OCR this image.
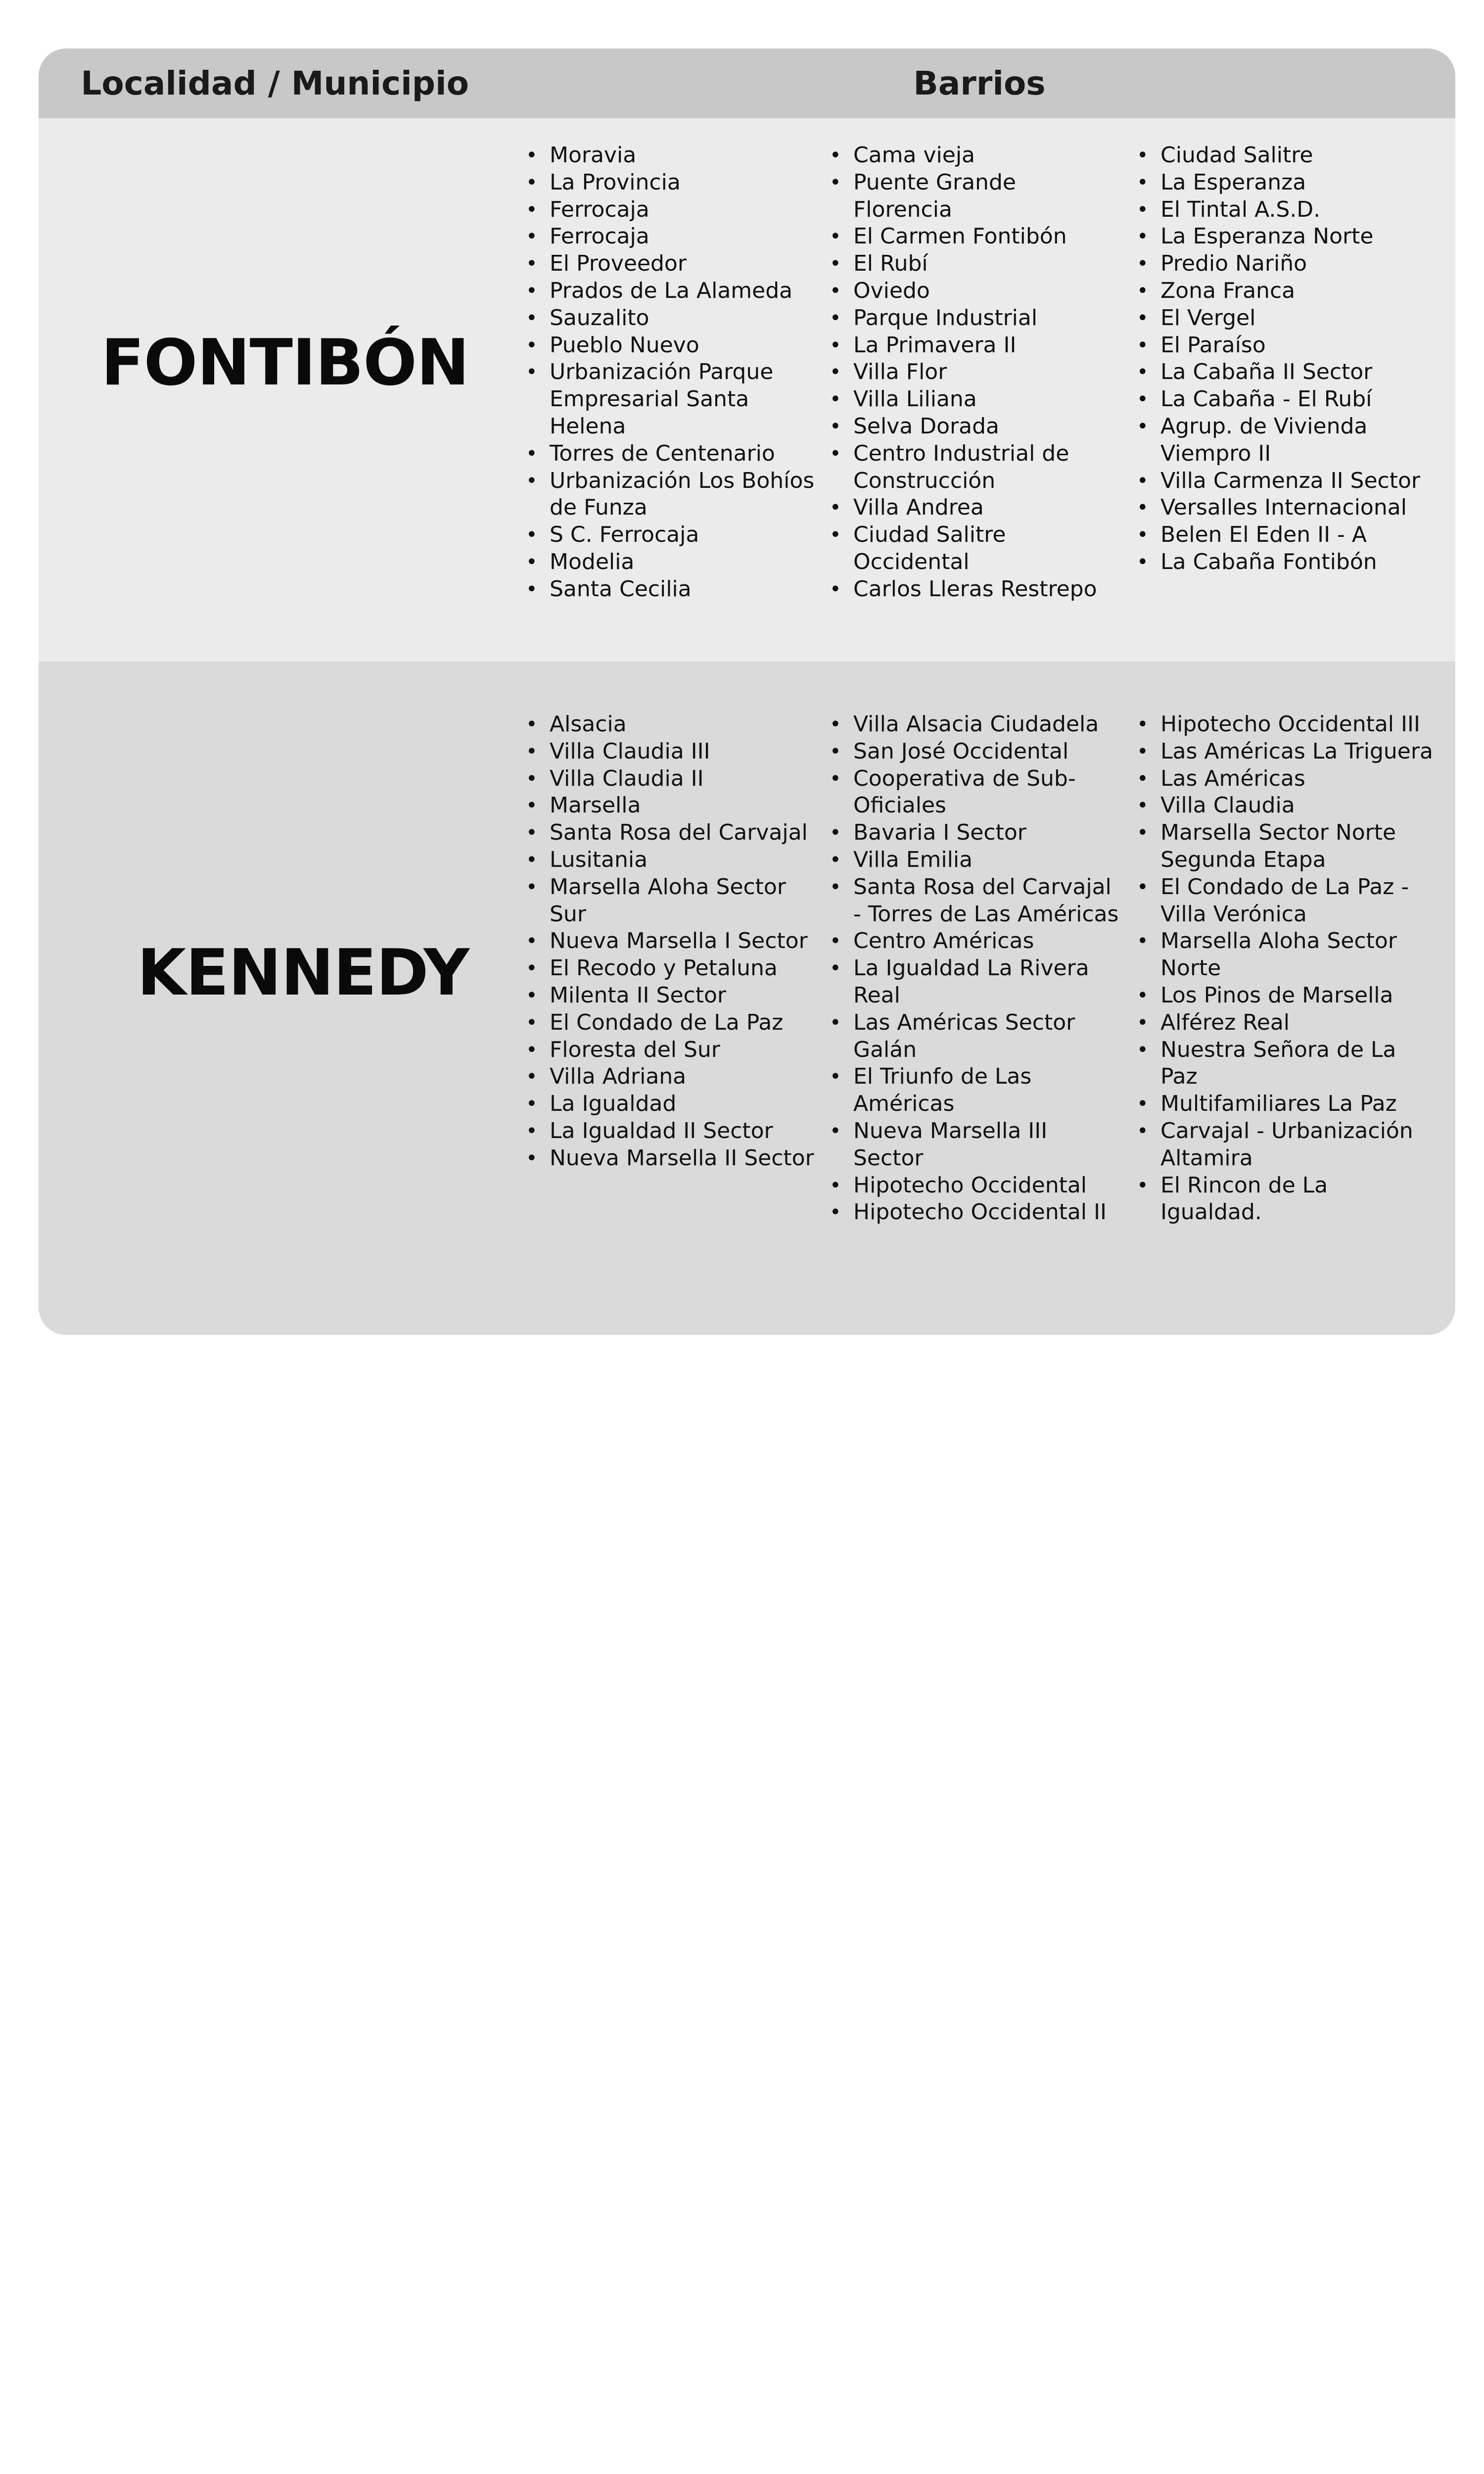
Localidad / Municipio	Barrios
FONTIBÓN
• Moravia
• La Provincia
• Ferrocaja
• Ferrocaja
• El Proveedor
• Prados de La Alameda
• Sauzalito
• Pueblo Nuevo
• Urbanización Parque Empresarial Santa Helena
• Torres de Centenario
• Urbanización Los Bohíos de Funza
• S C. Ferrocaja
• Modelia
• Santa Cecilia
• Cama vieja
• Puente Grande Florencia
• El Carmen Fontibón
• El Rubí
• Oviedo
• Parque Industrial
• La Primavera II
• Villa Flor
• Villa Liliana
• Selva Dorada
• Centro Industrial de Construcción
• Villa Andrea
• Ciudad Salitre Occidental
• Carlos Lleras Restrepo
• Ciudad Salitre
• La Esperanza
• El Tintal A.S.D.
• La Esperanza Norte
• Predio Nariño
• Zona Franca
• El Vergel
• El Paraíso
• La Cabaña II Sector
• La Cabaña - El Rubí
• Agrup. de Vivienda Viempro II
• Villa Carmenza II Sector
• Versalles Internacional
• Belen El Eden II - A
• La Cabaña Fontibón
KENNEDY
• Alsacia
• Villa Claudia III
• Villa Claudia II
• Marsella
• Santa Rosa del Carvajal
• Lusitania
• Marsella Aloha Sector Sur
• Nueva Marsella I Sector
• El Recodo y Petaluna
• Milenta II Sector
• El Condado de La Paz
• Floresta del Sur
• Villa Adriana
• La Igualdad
• La Igualdad II Sector
• Nueva Marsella II Sector
• Villa Alsacia Ciudadela
• San José Occidental
• Cooperativa de Sub-Oficiales
• Bavaria I Sector
• Villa Emilia
• Santa Rosa del Carvajal - Torres de Las Américas
• Centro Américas
• La Igualdad La Rivera Real
• Las Américas Sector Galán
• El Triunfo de Las Américas
• Nueva Marsella III Sector
• Hipotecho Occidental
• Hipotecho Occidental II
• Hipotecho Occidental III
• Las Américas La Triguera
• Las Américas
• Villa Claudia
• Marsella Sector Norte Segunda Etapa
• El Condado de La Paz - Villa Verónica
• Marsella Aloha Sector Norte
• Los Pinos de Marsella
• Alférez Real
• Nuestra Señora de La Paz
• Multifamiliares La Paz
• Carvajal - Urbanización Altamira
• El Rincon de La Igualdad.
